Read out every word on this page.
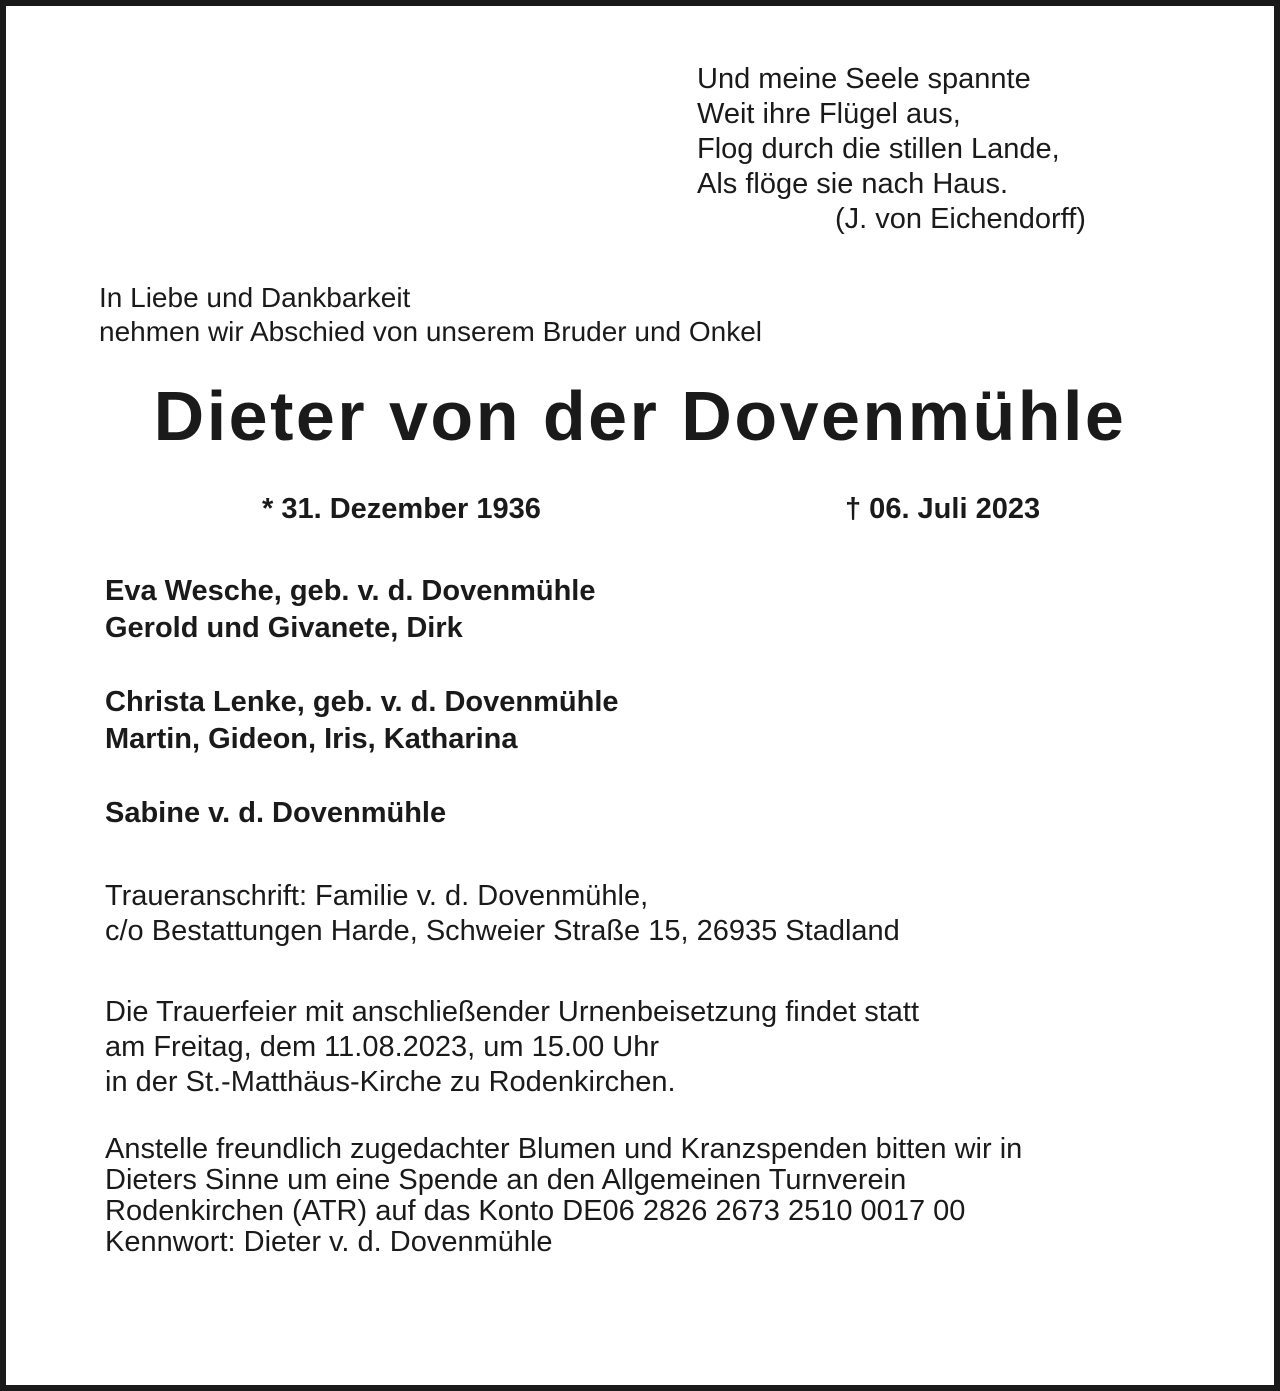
Und meine Seele spannte
Weit ihre Flügel aus,
Flog durch die stillen Lande,
Als flöge sie nach Haus.
(J. von Eichendorff)
In Liebe und Dankbarkeit
nehmen wir Abschied von unserem Bruder und Onkel
Dieter von der Dovenmühle
* 31. Dezember 1936	† 06. Juli 2023
Eva Wesche, geb. v. d. Dovenmühle
Gerold und Givanete, Dirk
Christa Lenke, geb. v. d. Dovenmühle
Martin, Gideon, Iris, Katharina
Sabine v. d. Dovenmühle
Traueranschrift: Familie v. d. Dovenmühle,
c/o Bestattungen Harde, Schweier Straße 15, 26935 Stadland
Die Trauerfeier mit anschließender Urnenbeisetzung findet statt
am Freitag, dem 11.08.2023, um 15.00 Uhr
in der St.-Matthäus-Kirche zu Rodenkirchen.
Anstelle freundlich zugedachter Blumen und Kranzspenden bitten wir in
Dieters Sinne um eine Spende an den Allgemeinen Turnverein
Rodenkirchen (ATR) auf das Konto DE06 2826 2673 2510 0017 00
Kennwort: Dieter v. d. Dovenmühle
